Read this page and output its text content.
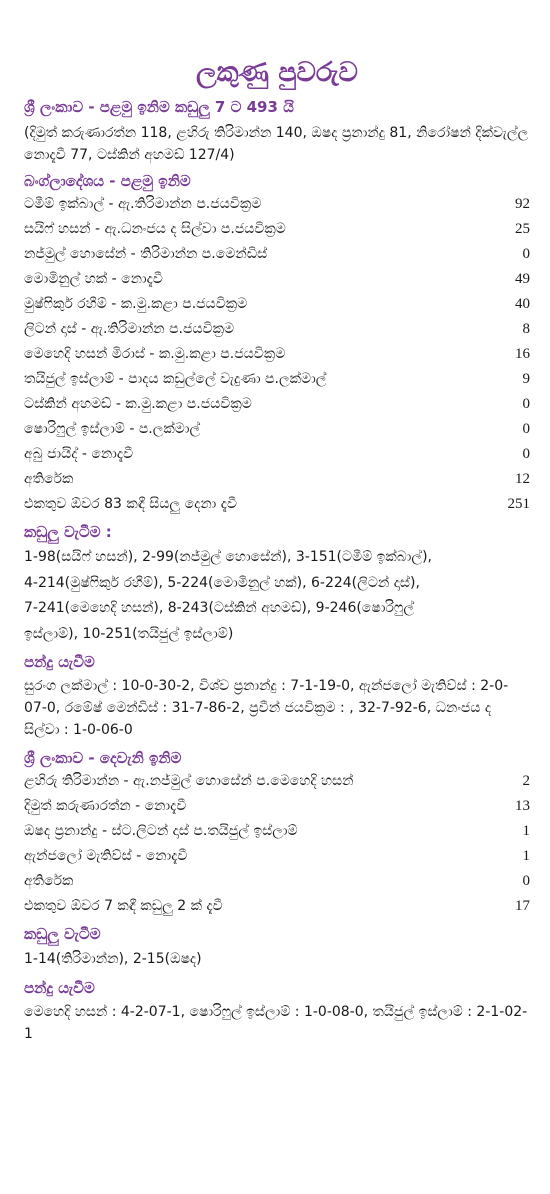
ලකුණු පුවරුව

ශ්‍රී ලංකාව - පළමු ඉනිම කඩුලු 7 ට 493 යි

(දිමුත් කරුණාරත්න 118, ළහිරු තිරිමාන්න 140, ඔෂද ප්‍රනාන්දු 81, නිරෝෂන් දික්වැල්ල නොදැවී 77, ටස්කින් අහමඩ් 127/4)

බංග්ලාදේශය - පළමු ඉනිම

ටමීම් ඉක්බාල් - ඇ.තිරිමාන්න ප.ජයවික්‍රම	92
සයිෆ් හසන් - ඇ.ධනංජය ද සිල්වා ප.ජයවික්‍රම	25
නජ්මුල් හොසේන් - තිරිමාන්න ප.මෙන්ඩිස්	0
මොමිනුල් හක් - නොදැවී	49
මුෂ්ෆිකුර් රහීම් - ක.මු.කළා ප.ජයවික්‍රම	40
ලිටන් දාස් - ඇ.තිරිමාන්න ප.ජයවික්‍රම	8
මෙහෙදි හසන් මිරාස් - ක.මු.කළා ප.ජයවික්‍රම	16
තයිජුල් ඉස්ලාම් - පාදය කඩුල්ලේ වැදුණා ප.ලක්මාල්	9
ටස්කින් අහමඩ් - ක.මු.කළා ප.ජයවික්‍රම	0
ෂොරිෆුල් ඉස්ලාම් - ප.ලක්මාල්	0
අබු ජායිද් - නොදැවී	0
අතිරේක	12
එකතුව ඕවර 83 කඳී සියලු දෙනා දැවී	251

කඩුලු වැටීම :

1-98(සයිෆ් හසන්), 2-99(නජ්මුල් හොසේන්), 3-151(ටමීම් ඉක්බාල්),

4-214(මුෂ්ෆිකුර් රහීම්), 5-224(මොමිනුල් හක්), 6-224(ලිටන් දාස්),

7-241(මෙහෙදි හසන්), 8-243(ටස්කින් අහමඩ්), 9-246(ෂොරිෆුල්

ඉස්ලාම්), 10-251(තයිජුල් ඉස්ලාම්)

පන්දු යැවීම

සුරංග ලක්මාල් : 10-0-30-2, විශ්ව ප්‍රනාන්දු : 7-1-19-0, ඇන්ජලෝ මැතිව්ස් : 2-0-07-0, රමේෂ් මෙන්ඩිස් : 31-7-86-2, ප්‍රවීන් ජයවික්‍රම : , 32-7-92-6, ධනංජය ද සිල්වා : 1-0-06-0

ශ්‍රී ලංකාව - දෙවැනි ඉනිම

ළහිරු තිරිමාන්න - ඇ.නජ්මුල් හොසේන් ප.මෙහෙදි හසන්	2
දිමුත් කරුණාරත්න - නොදැවී	13
ඔෂද ප්‍රනාන්දු - ස්ට.ලිටන් දාස් ප.තයිජුල් ඉස්ලාම්	1
ඇන්ජලෝ මැතිව්ස් - නොදැවී	1
අතිරේක	0
එකතුව ඕවර 7 කඳී කඩුලු 2 ක් දැවී	17

කඩුලු වැටීම

1-14(තිරිමාන්න), 2-15(ඔෂද)

පන්දු යැවීම

මෙහෙදි හසන් : 4-2-07-1, ෂොරිෆුල් ඉස්ලාම් : 1-0-08-0, තයිජුල් ඉස්ලාම් : 2-1-02-1
